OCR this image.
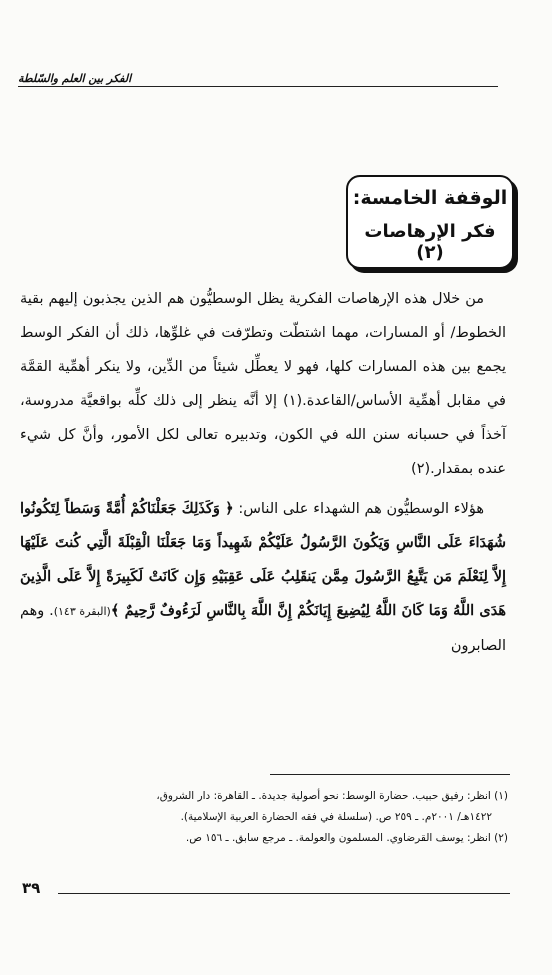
الفكر بين العلم والسّلطة
الوقفة الخامسة:
فكر الإرهاصات (٢)

من خلال هذه الإرهاصات الفكرية يظل الوسطيُّون هم الذين يجذبون إليهم بقية الخطوط/ أو المسارات، مهما اشتطّت وتطرّفت في غلوِّها، ذلك أن الفكر الوسط يجمع بين هذه المسارات كلها، فهو لا يعطِّل شيئاً من الدِّين، ولا ينكر أهمِّية القمَّة في مقابل أهمِّية الأساس/القاعدة.(١) إلا أنَّه ينظر إلى ذلك كلِّه بواقعيَّة مدروسة، آخذاً في حسبانه سنن الله في الكون، وتدبيره تعالى لكل الأمور، وأنَّ كل شيء عنده بمقدار.(٢)

هؤلاء الوسطيُّون هم الشهداء على الناس: ﴿ وَكَذَلِكَ جَعَلْنَاكُمْ أُمَّةً وَسَطاً لِتَكُونُوا شُهَدَاءَ عَلَى النَّاسِ وَيَكُونَ الرَّسُولُ عَلَيْكُمْ شَهِيداً وَمَا جَعَلْنَا الْقِبْلَةَ الَّتِي كُنتَ عَلَيْهَا إِلاَّ لِنَعْلَمَ مَن يَتَّبِعُ الرَّسُولَ مِمَّن يَنقَلِبُ عَلَى عَقِبَيْهِ وَإِن كَانَتْ لَكَبِيرَةً إِلاَّ عَلَى الَّذِينَ هَدَى اللَّهُ وَمَا كَانَ اللَّهُ لِيُضِيعَ إِيَانَكُمْ إِنَّ اللَّهَ بِالنَّاسِ لَرَءُوفٌ رَّحِيمٌ ﴾(البقرة ١٤٣). وهم الصابرون

(١) انظر: رفيق حبيب. حضارة الوسط: نحو أصولية جديدة. ـ القاهرة: دار الشروق،

١٤٢٢هـ/ ٢٠٠١م. ـ ٢٥٩ ص. (سلسلة في فقه الحضارة العربية الإسلامية).

(٢) انظر: يوسف القرضاوي. المسلمون والعولمة. ـ مرجع سابق. ـ ١٥٦ ص.

٣٩
